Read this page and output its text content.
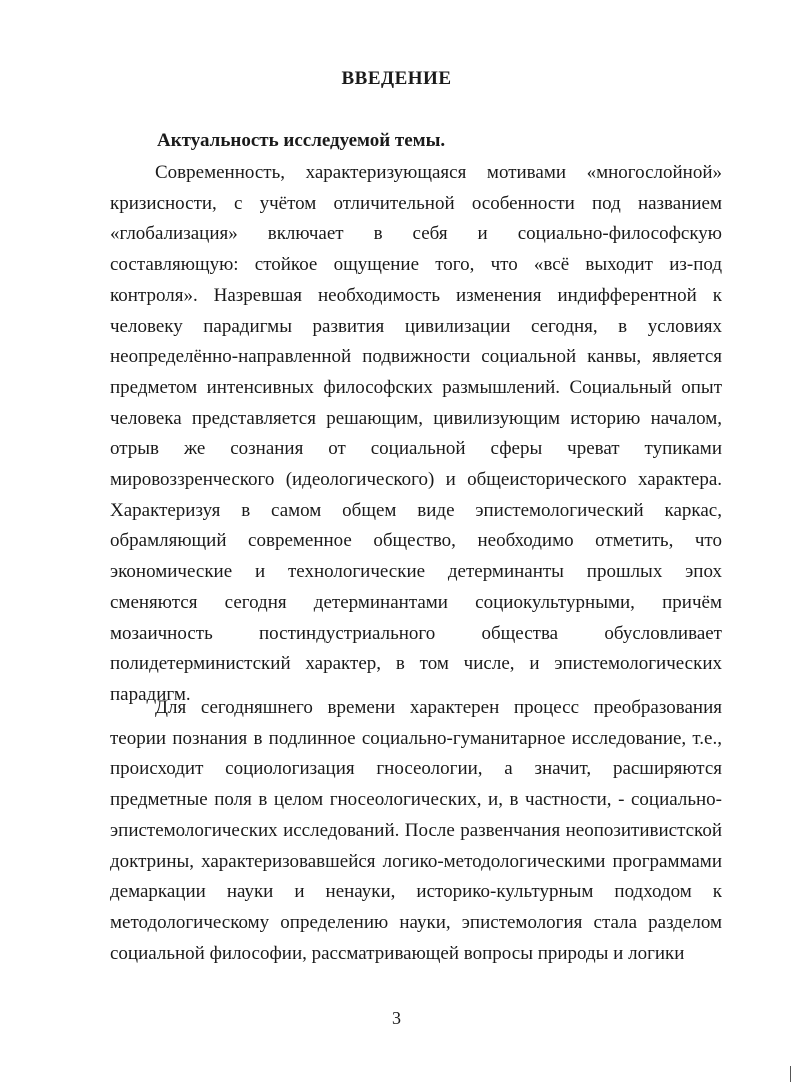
ВВЕДЕНИЕ
Актуальность исследуемой темы.

Современность, характеризующаяся мотивами «многослойной» кризисности, с учётом отличительной особенности под названием «глобализация» включает в себя и социально-философскую составляющую: стойкое ощущение того, что «всё выходит из-под контроля». Назревшая необходимость изменения индифферентной к человеку парадигмы развития цивилизации сегодня, в условиях неопределённо-направленной подвижности социальной канвы, является предметом интенсивных философских размышлений. Социальный опыт человека представляется решающим, цивилизующим историю началом, отрыв же сознания от социальной сферы чреват тупиками мировоззренческого (идеологического) и общеисторического характера. Характеризуя в самом общем виде эпистемологический каркас, обрамляющий современное общество, необходимо отметить, что экономические и технологические детерминанты прошлых эпох сменяются сегодня детерминантами социокультурными, причём мозаичность постиндустриального общества обусловливает полидетерминистский характер, в том числе, и эпистемологических парадигм.

Для сегодняшнего времени характерен процесс преобразования теории познания в подлинное социально-гуманитарное исследование, т.е., происходит социологизация гносеологии, а значит, расширяются предметные поля в целом гносеологических, и, в частности, - социально-эпистемологических исследований. После развенчания неопозитивистской доктрины, характеризовавшейся логико-методологическими программами демаркации науки и ненауки, историко-культурным подходом к методологическому определению науки, эпистемология стала разделом социальной философии, рассматривающей вопросы природы и логики

3
